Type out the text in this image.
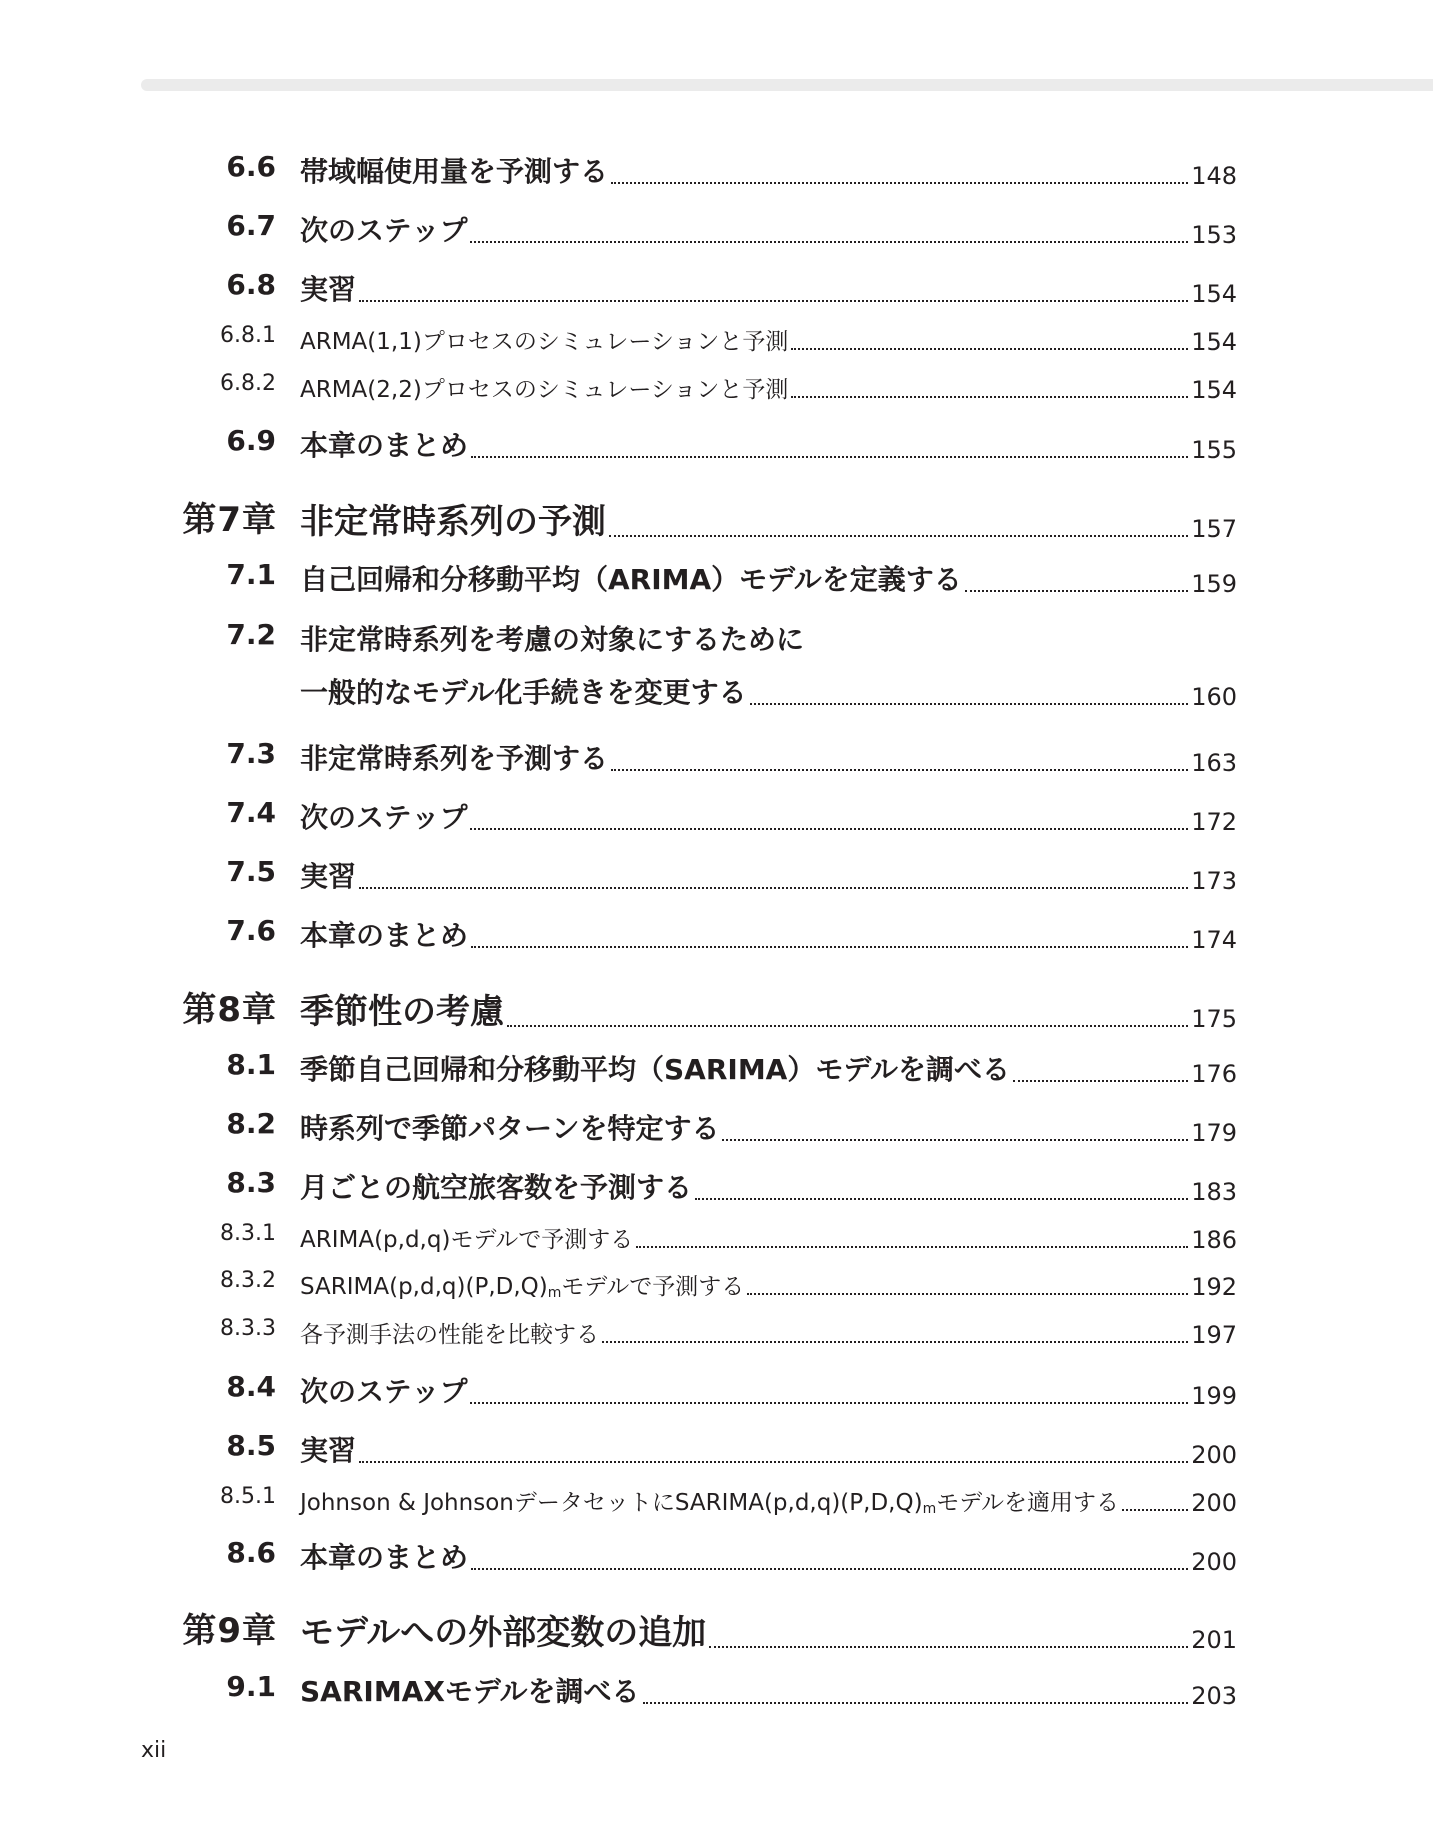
6.6 帯域幅使用量を予測する	148
6.7 次のステップ	153
6.8 実習	154
6.8.1 ARMA(1,1)プロセスのシミュレーションと予測	154
6.8.2 ARMA(2,2)プロセスのシミュレーションと予測	154
6.9 本章のまとめ	155
第7章 非定常時系列の予測	157
7.1 自己回帰和分移動平均（ARIMA）モデルを定義する	159
7.2 非定常時系列を考慮の対象にするために
一般的なモデル化手続きを変更する	160
7.3 非定常時系列を予測する	163
7.4 次のステップ	172
7.5 実習	173
7.6 本章のまとめ	174
第8章 季節性の考慮	175
8.1 季節自己回帰和分移動平均（SARIMA）モデルを調べる	176
8.2 時系列で季節パターンを特定する	179
8.3 月ごとの航空旅客数を予測する	183
8.3.1 ARIMA(p,d,q)モデルで予測する	186
8.3.2 $SARIMA(p,d,q)(P,D,Q)_m$モデルで予測する	192
8.3.3 各予測手法の性能を比較する	197
8.4 次のステップ	199
8.5 実習	200
8.5.1 Johnson & Johnsonデータセットに$SARIMA(p,d,q)(P,D,Q)_m$モデルを適用する	200
8.6 本章のまとめ	200
第9章 モデルへの外部変数の追加	201
9.1 SARIMAXモデルを調べる	203
xii
